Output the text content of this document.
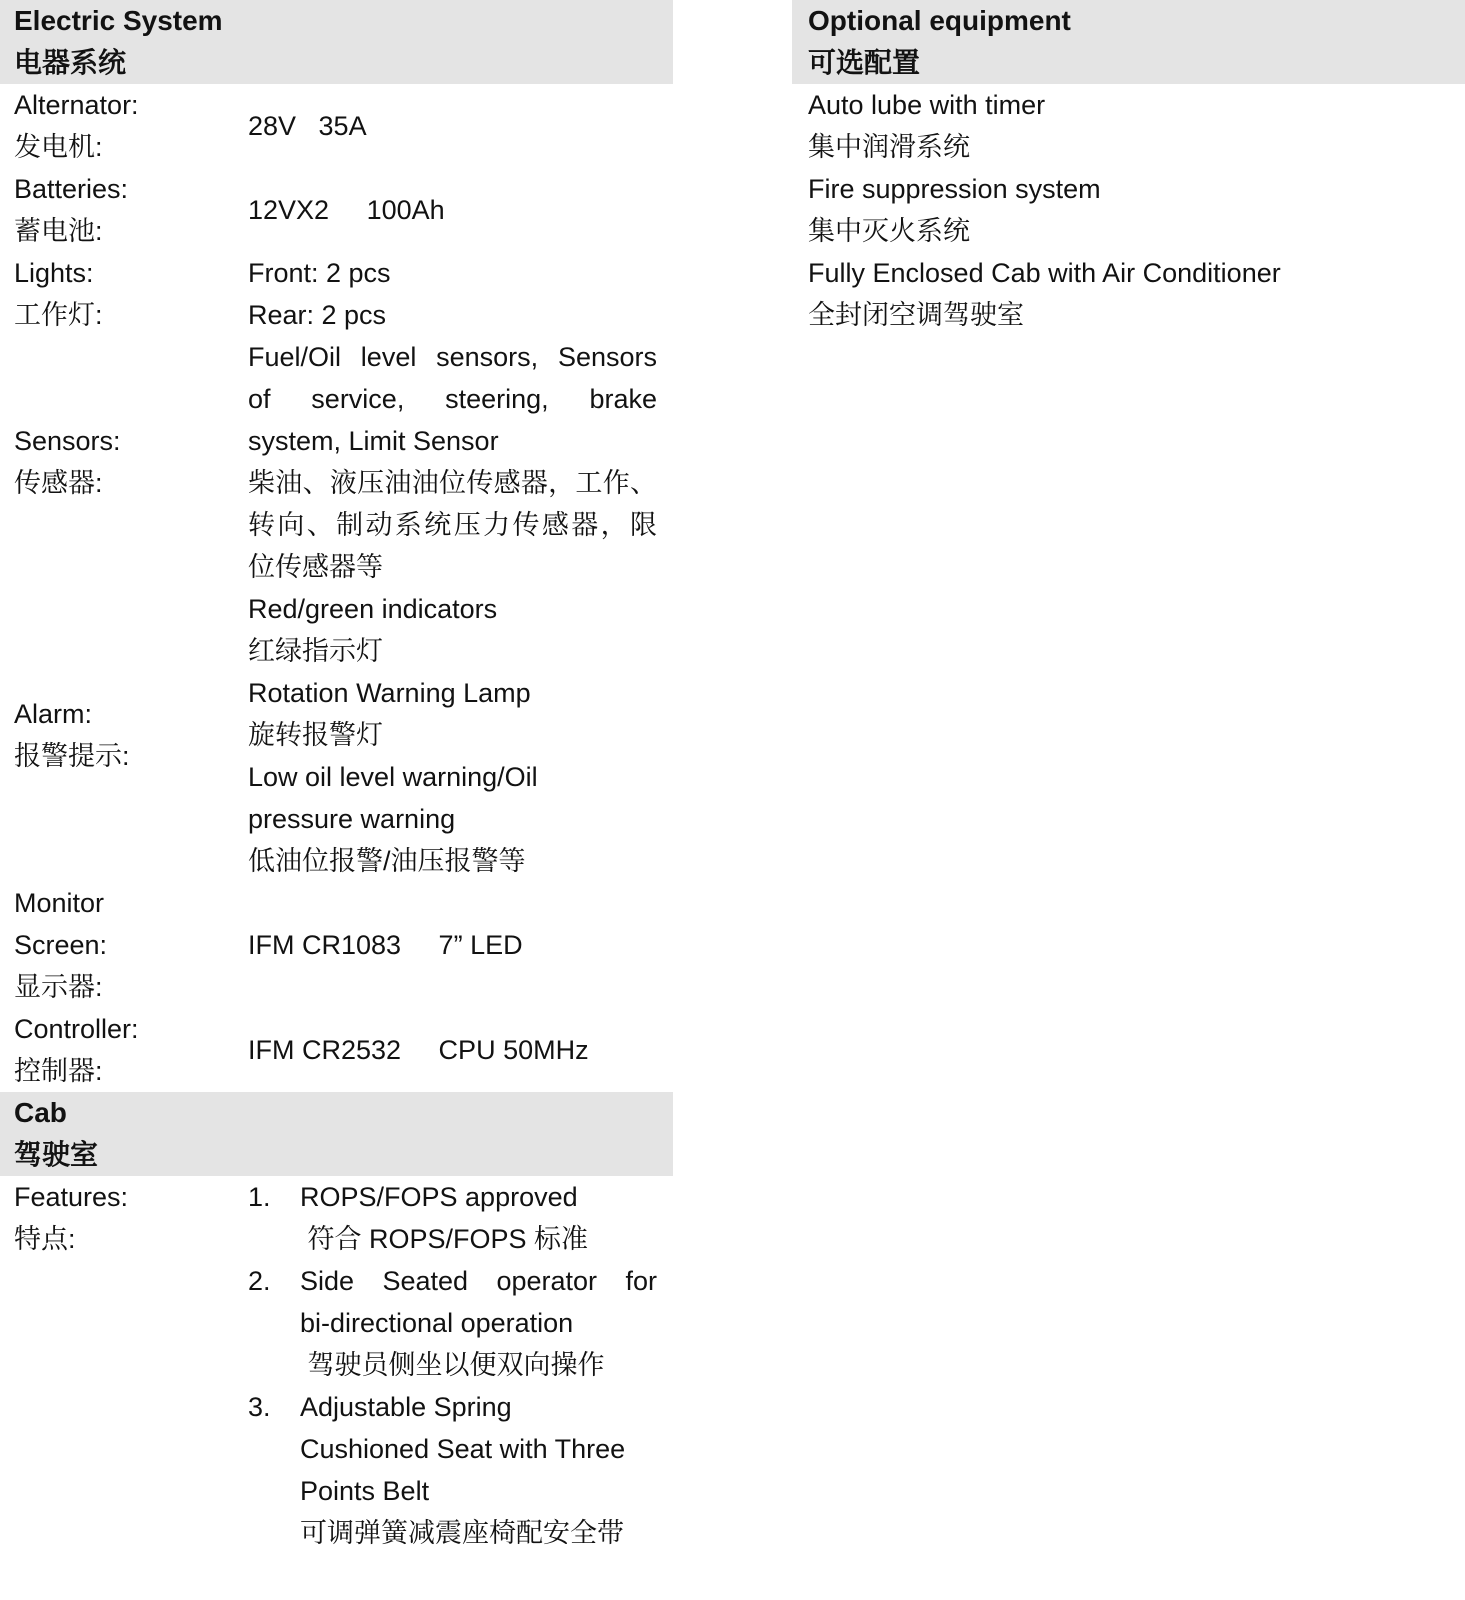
Electric System
电器系统
Alternator:
发电机:
28V   35A
Batteries:
蓄电池:
12VX2     100Ah
Lights:
工作灯:
Front: 2 pcs
Rear: 2 pcs
Sensors:
传感器:
Fuel/Oil level sensors, Sensors
of service, steering, brake
system, Limit Sensor
柴油、液压油油位传感器，工作、
转向、制动系统压力传感器，限
位传感器等
Alarm:
报警提示:
Red/green indicators
红绿指示灯
Rotation Warning Lamp
旋转报警灯
Low oil level warning/Oil
pressure warning
低油位报警/油压报警等
Monitor
Screen:
显示器:
IFM CR1083     7” LED
Controller:
控制器:
IFM CR2532     CPU 50MHz
Cab
驾驶室
Features:
特点:
1.	ROPS/FOPS approved
符合 ROPS/FOPS 标准
2.	Side Seated operator for
bi-directional operation
驾驶员侧坐以便双向操作
3.	Adjustable Spring
Cushioned Seat with Three
Points Belt
可调弹簧减震座椅配安全带
Optional equipment
可选配置
Auto lube with timer
集中润滑系统
Fire suppression system
集中灭火系统
Fully Enclosed Cab with Air Conditioner
全封闭空调驾驶室
